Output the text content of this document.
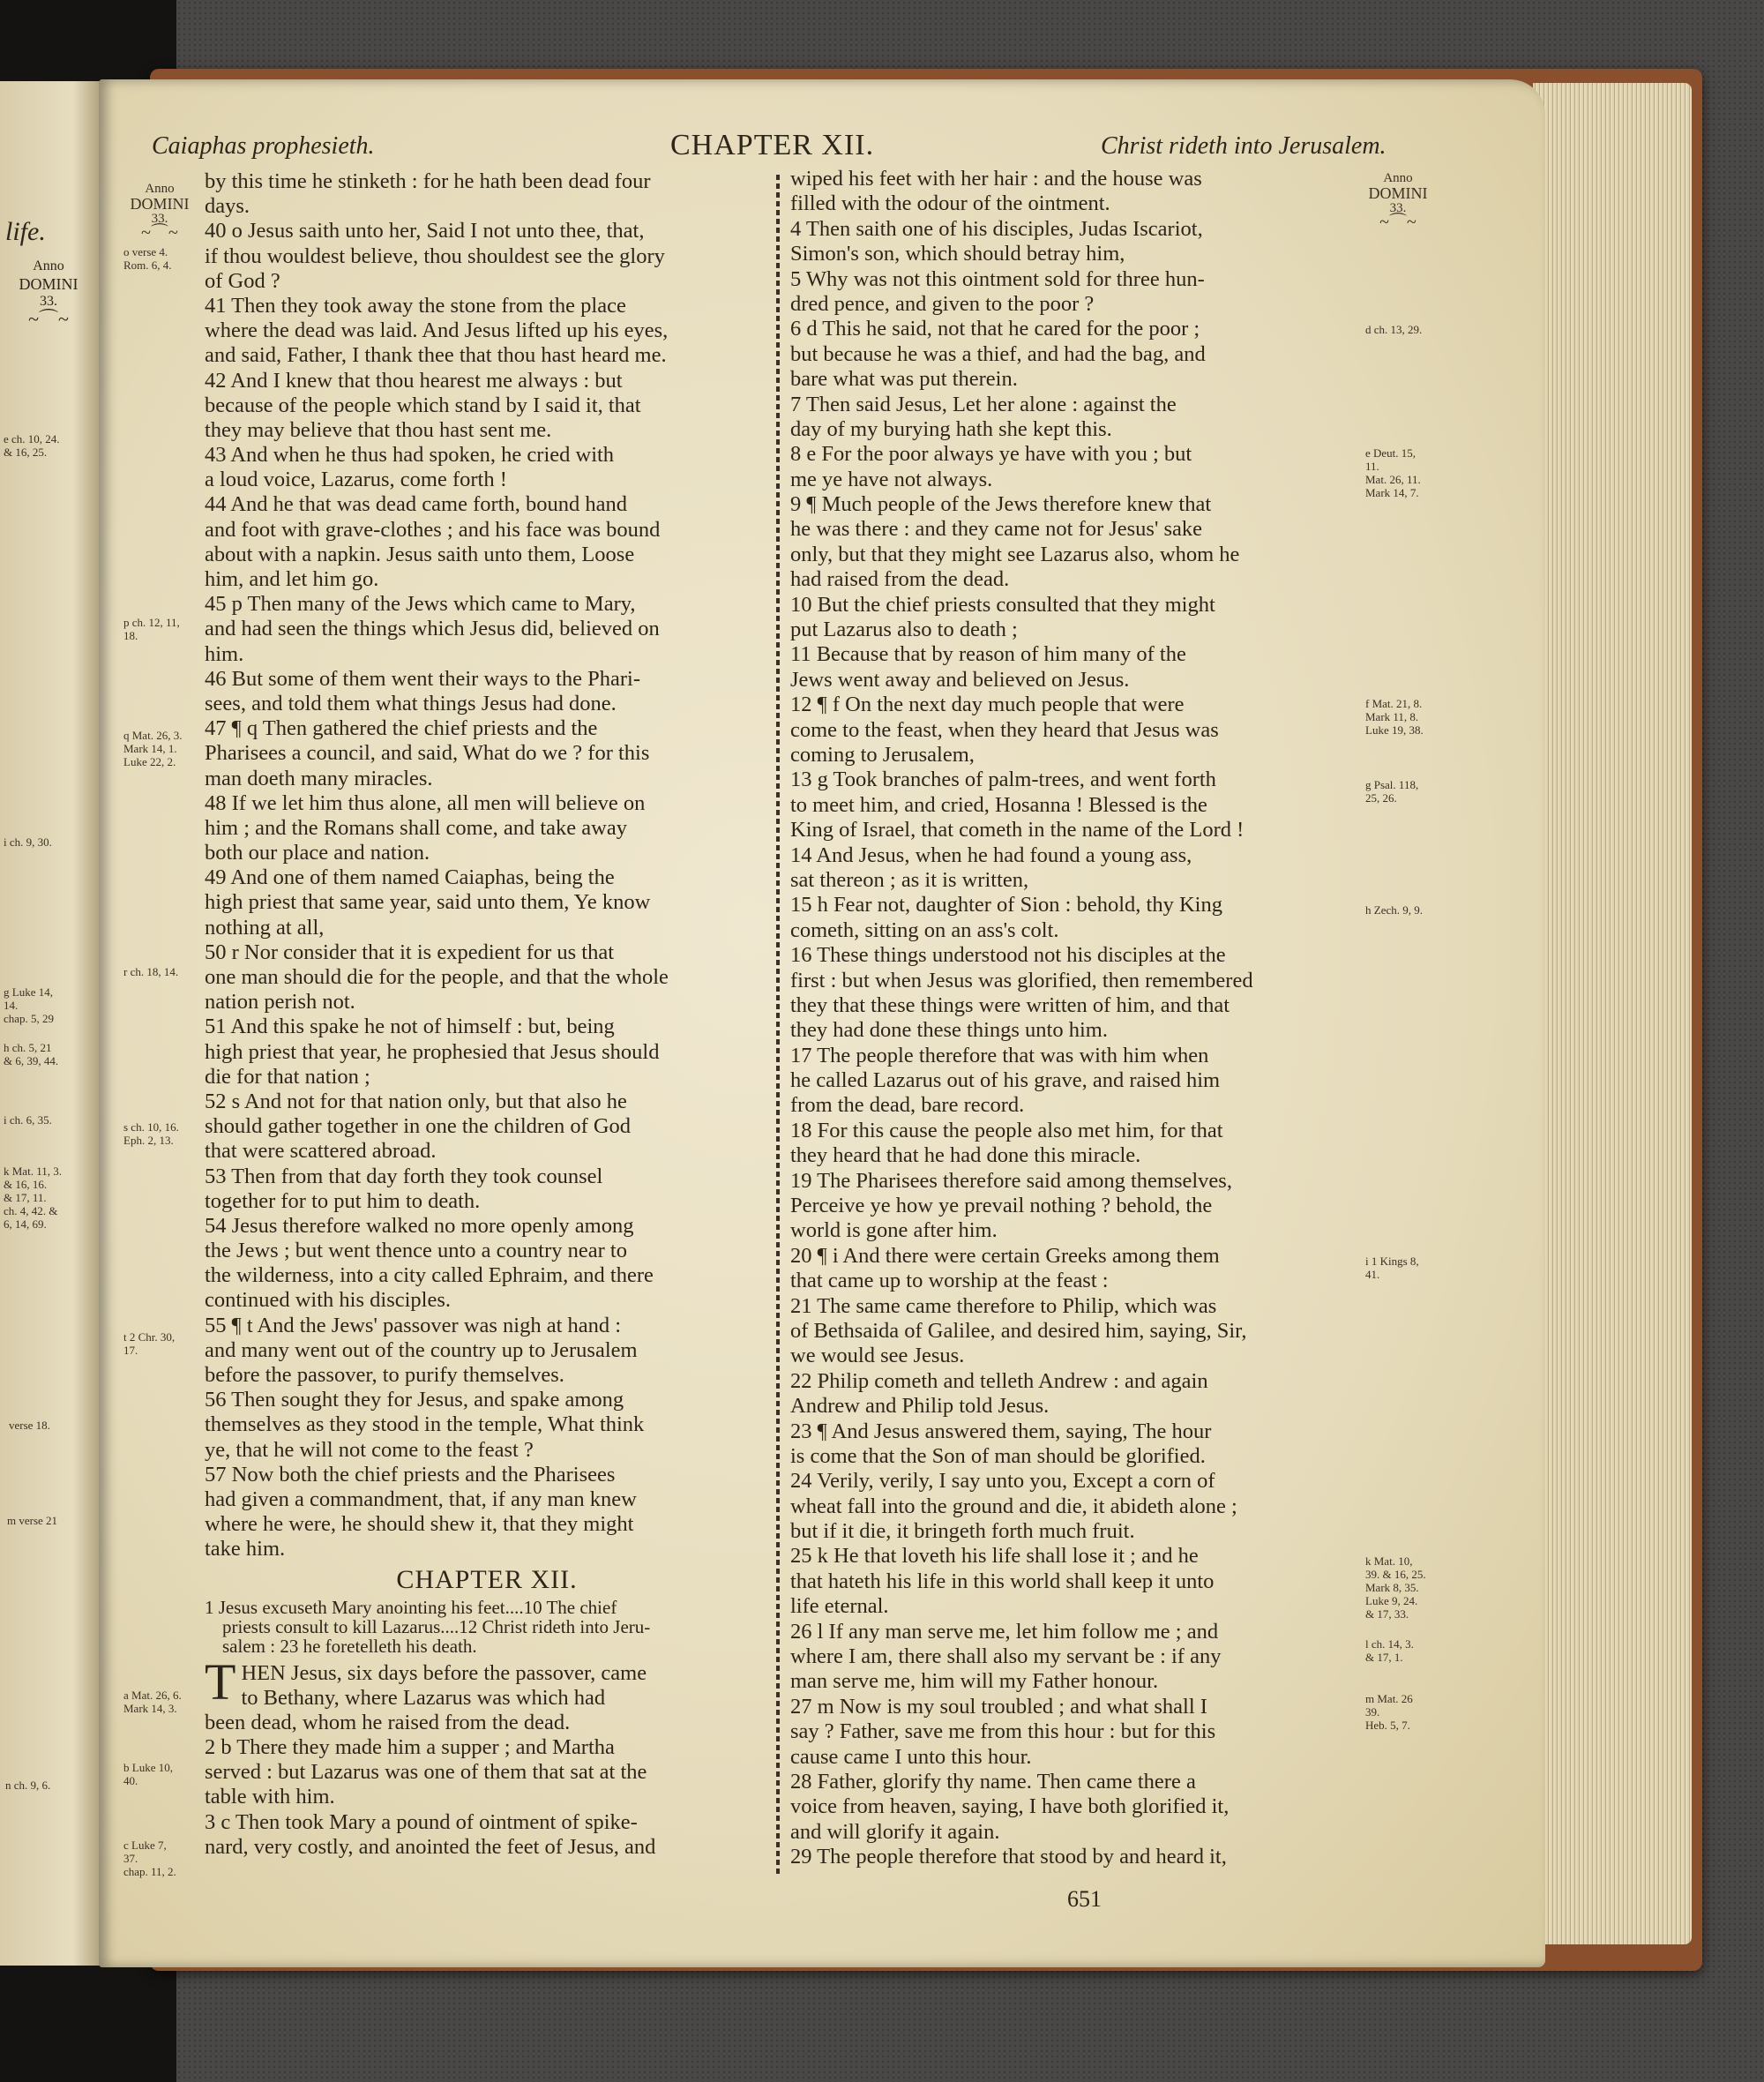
life.
Anno
DOMINI
33.
~⌒~
e ch. 10, 24.
& 16, 25.
i ch. 9, 30.
g Luke 14,
14.
chap. 5, 29
h ch. 5, 21
& 6, 39, 44.
i ch. 6, 35.
k Mat. 11, 3.
& 16, 16.
& 17, 11.
ch. 4, 42. &
6, 14, 69.
verse 18.
m verse 21
n ch. 9, 6.
Caiaphas prophesieth.	CHAPTER XII.	Christ rideth into Jerusalem.
Anno
DOMINI
33.
~⌒~
Anno
DOMINI
33.
~⌒~
o verse 4.
Rom. 6, 4.
p ch. 12, 11,
18.
q Mat. 26, 3.
Mark 14, 1.
Luke 22, 2.
r ch. 18, 14.
s ch. 10, 16.
Eph. 2, 13.
t 2 Chr. 30,
17.
a Mat. 26, 6.
Mark 14, 3.
b Luke 10,
40.
c Luke 7,
37.
chap. 11, 2.
d ch. 13, 29.
e Deut. 15,
11.
Mat. 26, 11.
Mark 14, 7.
f Mat. 21, 8.
Mark 11, 8.
Luke 19, 38.
g Psal. 118,
25, 26.
h Zech. 9, 9.
i 1 Kings 8,
41.
k Mat. 10,
39. & 16, 25.
Mark 8, 35.
Luke 9, 24.
& 17, 33.
l ch. 14, 3.
& 17, 1.
m Mat. 26
39.
Heb. 5, 7.
by this time he stinketh : for he hath been dead four
days.
40 o Jesus saith unto her, Said I not unto thee, that,
if thou wouldest believe, thou shouldest see the glory
of God ?
41 Then they took away the stone from the place
where the dead was laid. And Jesus lifted up his eyes,
and said, Father, I thank thee that thou hast heard me.
42 And I knew that thou hearest me always : but
because of the people which stand by I said it, that
they may believe that thou hast sent me.
43 And when he thus had spoken, he cried with
a loud voice, Lazarus, come forth !
44 And he that was dead came forth, bound hand
and foot with grave-clothes ; and his face was bound
about with a napkin. Jesus saith unto them, Loose
him, and let him go.
45 p Then many of the Jews which came to Mary,
and had seen the things which Jesus did, believed on
him.
46 But some of them went their ways to the Phari-
sees, and told them what things Jesus had done.
47 ¶ q Then gathered the chief priests and the
Pharisees a council, and said, What do we ? for this
man doeth many miracles.
48 If we let him thus alone, all men will believe on
him ; and the Romans shall come, and take away
both our place and nation.
49 And one of them named Caiaphas, being the
high priest that same year, said unto them, Ye know
nothing at all,
50 r Nor consider that it is expedient for us that
one man should die for the people, and that the whole
nation perish not.
51 And this spake he not of himself : but, being
high priest that year, he prophesied that Jesus should
die for that nation ;
52 s And not for that nation only, but that also he
should gather together in one the children of God
that were scattered abroad.
53 Then from that day forth they took counsel
together for to put him to death.
54 Jesus therefore walked no more openly among
the Jews ; but went thence unto a country near to
the wilderness, into a city called Ephraim, and there
continued with his disciples.
55 ¶ t And the Jews' passover was nigh at hand :
and many went out of the country up to Jerusalem
before the passover, to purify themselves.
56 Then sought they for Jesus, and spake among
themselves as they stood in the temple, What think
ye, that he will not come to the feast ?
57 Now both the chief priests and the Pharisees
had given a commandment, that, if any man knew
where he were, he should shew it, that they might
take him.
CHAPTER XII.
1 Jesus excuseth Mary anointing his feet....10 The chief
priests consult to kill Lazarus....12 Christ rideth into Jeru-
salem : 23 he foretelleth his death.
T HEN Jesus, six days before the passover, came
to Bethany, where Lazarus was which had
been dead, whom he raised from the dead.
2 b There they made him a supper ; and Martha
served : but Lazarus was one of them that sat at the
table with him.
3 c Then took Mary a pound of ointment of spike-
nard, very costly, and anointed the feet of Jesus, and
wiped his feet with her hair : and the house was
filled with the odour of the ointment.
4 Then saith one of his disciples, Judas Iscariot,
Simon's son, which should betray him,
5 Why was not this ointment sold for three hun-
dred pence, and given to the poor ?
6 d This he said, not that he cared for the poor ;
but because he was a thief, and had the bag, and
bare what was put therein.
7 Then said Jesus, Let her alone : against the
day of my burying hath she kept this.
8 e For the poor always ye have with you ; but
me ye have not always.
9 ¶ Much people of the Jews therefore knew that
he was there : and they came not for Jesus' sake
only, but that they might see Lazarus also, whom he
had raised from the dead.
10 But the chief priests consulted that they might
put Lazarus also to death ;
11 Because that by reason of him many of the
Jews went away and believed on Jesus.
12 ¶ f On the next day much people that were
come to the feast, when they heard that Jesus was
coming to Jerusalem,
13 g Took branches of palm-trees, and went forth
to meet him, and cried, Hosanna ! Blessed is the
King of Israel, that cometh in the name of the Lord !
14 And Jesus, when he had found a young ass,
sat thereon ; as it is written,
15 h Fear not, daughter of Sion : behold, thy King
cometh, sitting on an ass's colt.
16 These things understood not his disciples at the
first : but when Jesus was glorified, then remembered
they that these things were written of him, and that
they had done these things unto him.
17 The people therefore that was with him when
he called Lazarus out of his grave, and raised him
from the dead, bare record.
18 For this cause the people also met him, for that
they heard that he had done this miracle.
19 The Pharisees therefore said among themselves,
Perceive ye how ye prevail nothing ? behold, the
world is gone after him.
20 ¶ i And there were certain Greeks among them
that came up to worship at the feast :
21 The same came therefore to Philip, which was
of Bethsaida of Galilee, and desired him, saying, Sir,
we would see Jesus.
22 Philip cometh and telleth Andrew : and again
Andrew and Philip told Jesus.
23 ¶ And Jesus answered them, saying, The hour
is come that the Son of man should be glorified.
24 Verily, verily, I say unto you, Except a corn of
wheat fall into the ground and die, it abideth alone ;
but if it die, it bringeth forth much fruit.
25 k He that loveth his life shall lose it ; and he
that hateth his life in this world shall keep it unto
life eternal.
26 l If any man serve me, let him follow me ; and
where I am, there shall also my servant be : if any
man serve me, him will my Father honour.
27 m Now is my soul troubled ; and what shall I
say ? Father, save me from this hour : but for this
cause came I unto this hour.
28 Father, glorify thy name. Then came there a
voice from heaven, saying, I have both glorified it,
and will glorify it again.
29 The people therefore that stood by and heard it,
651
